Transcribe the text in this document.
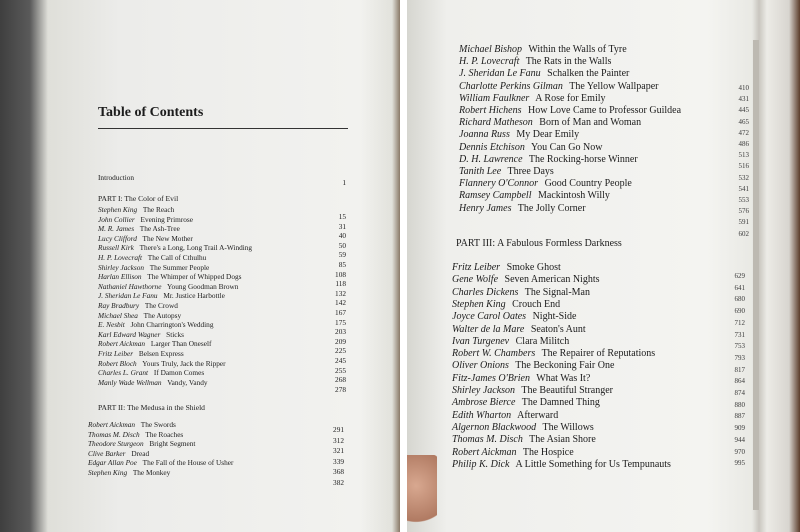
Table of Contents
Introduction
1
PART I: The Color of Evil
PART II: The Medusa in the Shield
Stephen King The Reach
John Collier Evening Primrose
M. R. James The Ash-Tree
Lucy Clifford The New Mother
Russell Kirk There's a Long, Long Trail A-Winding
H. P. Lovecraft The Call of Cthulhu
Shirley Jackson The Summer People
Harlan Ellison The Whimper of Whipped Dogs
Nathaniel Hawthorne Young Goodman Brown
J. Sheridan Le Fanu Mr. Justice Harbottle
Ray Bradbury The Crowd
Michael Shea The Autopsy
E. Nesbit John Charrington's Wedding
Karl Edward Wagner Sticks
Robert Aickman Larger Than Oneself
Fritz Leiber Belsen Express
Robert Bloch Yours Truly, Jack the Ripper
Charles L. Grant If Damon Comes
Manly Wade Wellman Vandy, Vandy
15
31
40
50
59
85
108
118
132
142
167
175
203
209
225
245
255
268
278
Robert Aickman The Swords
Thomas M. Disch The Roaches
Theodore Sturgeon Bright Segment
Clive Barker Dread
Edgar Allan Poe The Fall of the House of Usher
Stephen King The Monkey
291
312
321
339
368
382
PART III: A Fabulous Formless Darkness
Michael Bishop Within the Walls of Tyre
H. P. Lovecraft The Rats in the Walls
J. Sheridan Le Fanu Schalken the Painter
Charlotte Perkins Gilman The Yellow Wallpaper
William Faulkner A Rose for Emily
Robert Hichens How Love Came to Professor Guildea
Richard Matheson Born of Man and Woman
Joanna Russ My Dear Emily
Dennis Etchison You Can Go Now
D. H. Lawrence The Rocking-horse Winner
Tanith Lee Three Days
Flannery O'Connor Good Country People
Ramsey Campbell Mackintosh Willy
Henry James The Jolly Corner
410
431
445
465
472
486
513
516
532
541
553
576
591
602
Fritz Leiber Smoke Ghost
Gene Wolfe Seven American Nights
Charles Dickens The Signal-Man
Stephen King Crouch End
Joyce Carol Oates Night-Side
Walter de la Mare Seaton's Aunt
Ivan Turgenev Clara Militch
Robert W. Chambers The Repairer of Reputations
Oliver Onions The Beckoning Fair One
Fitz-James O'Brien What Was It?
Shirley Jackson The Beautiful Stranger
Ambrose Bierce The Damned Thing
Edith Wharton Afterward
Algernon Blackwood The Willows
Thomas M. Disch The Asian Shore
Robert Aickman The Hospice
Philip K. Dick A Little Something for Us Tempunauts
629
641
680
690
712
731
753
793
817
864
874
880
887
909
944
970
995
